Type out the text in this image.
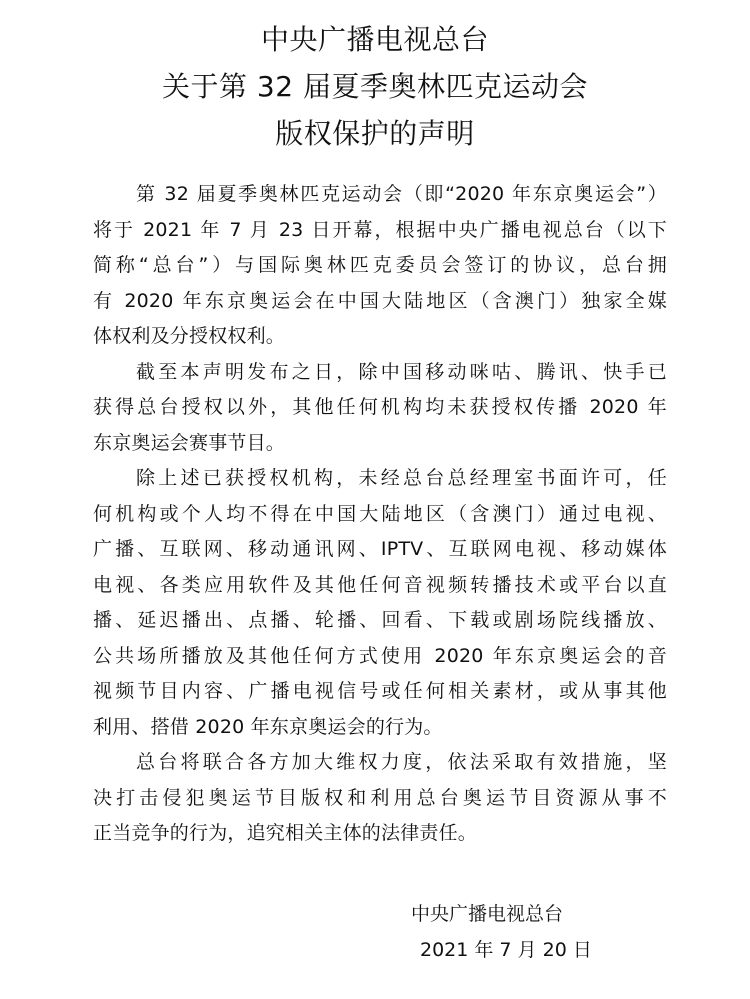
中央广播电视总台
关于第 32 届夏季奥林匹克运动会
版权保护的声明
第 32 届夏季奥林匹克运动会（即“2020 年东京奥运会”）
将于 2021 年 7 月 23 日开幕，根据中央广播电视总台（以下
简称“总台”）与国际奥林匹克委员会签订的协议，总台拥
有 2020 年东京奥运会在中国大陆地区（含澳门）独家全媒
体权利及分授权权利。
截至本声明发布之日，除中国移动咪咕、腾讯、快手已
获得总台授权以外，其他任何机构均未获授权传播 2020 年
东京奥运会赛事节目。
除上述已获授权机构，未经总台总经理室书面许可，任
何机构或个人均不得在中国大陆地区（含澳门）通过电视、
广播、互联网、移动通讯网、IPTV、互联网电视、移动媒体
电视、各类应用软件及其他任何音视频转播技术或平台以直
播、延迟播出、点播、轮播、回看、下载或剧场院线播放、
公共场所播放及其他任何方式使用 2020 年东京奥运会的音
视频节目内容、广播电视信号或任何相关素材，或从事其他
利用、搭借 2020 年东京奥运会的行为。
总台将联合各方加大维权力度，依法采取有效措施，坚
决打击侵犯奥运节目版权和利用总台奥运节目资源从事不
正当竞争的行为，追究相关主体的法律责任。
中央广播电视总台
2021 年 7 月 20 日
